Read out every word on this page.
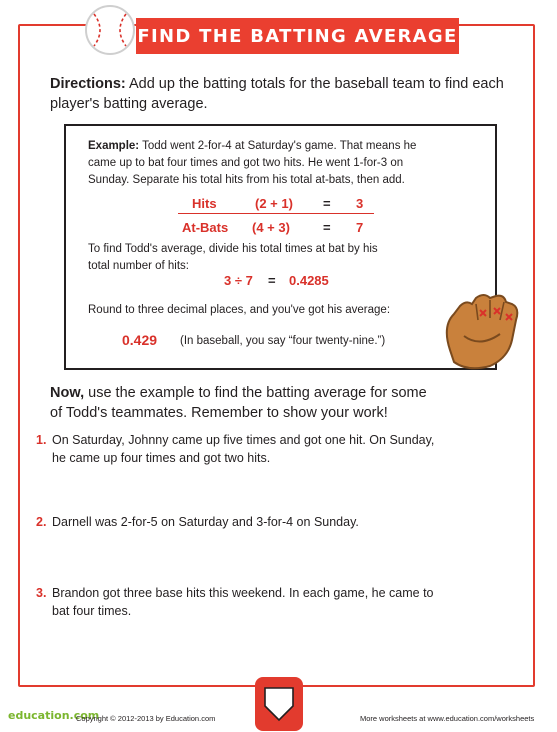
FIND THE BATTING AVERAGE
Directions: Add up the batting totals for the baseball team to find each player's batting average.
Example: Todd went 2-for-4 at Saturday's game. That means he
came up to bat four times and got two hits. He went 1-for-3 on
Sunday. Separate his total hits from his total at-bats, then add.
Hits	(2 + 1) = 3
At-Bats (4 + 3)	= 7
To find Todd's average, divide his total times at bat by his
total number of hits:
3 ÷ 7 = 0.4285
Round to three decimal places, and you've got his average:
0.429 (In baseball, you say “four twenty-nine.”)
Now, use the example to find the batting average for some
of Todd's teammates. Remember to show your work!
1. On Saturday, Johnny came up five times and got one hit. On Sunday,
he came up four times and got two hits.
2. Darnell was 2-for-5 on Saturday and 3-for-4 on Sunday.
3. Brandon got three base hits this weekend. In each game, he came to
bat four times.
education.com
Copyright © 2012-2013 by Education.com	More worksheets at www.education.com/worksheets
